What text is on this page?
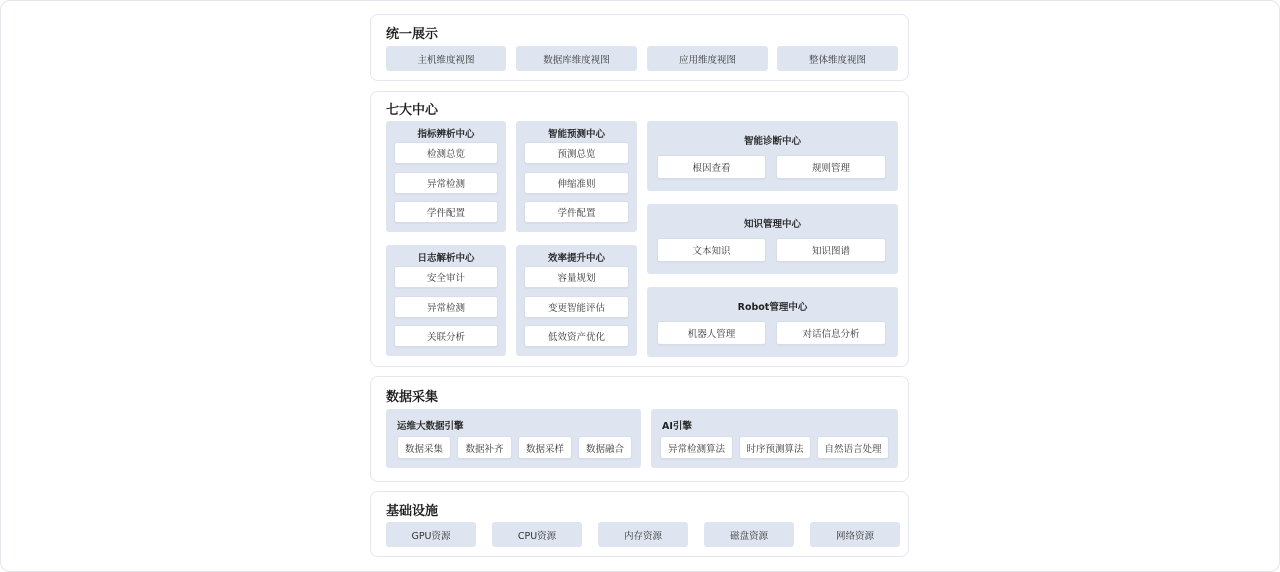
统一展示
主机维度视图	数据库维度视图	应用维度视图	整体维度视图
七大中心
指标辨析中心
检测总览
异常检测
学件配置
智能预测中心
预测总览
伸缩准则
学件配置
日志解析中心
安全审计
异常检测
关联分析
效率提升中心
容量规划
变更智能评估
低效资产优化
智能诊断中心
根因查看	规则管理
知识管理中心
文本知识	知识图谱
Robot管理中心
机器人管理	对话信息分析
数据采集
运维大数据引擎
数据采集	数据补齐	数据采样	数据融合
AI引擎
异常检测算法	时序预测算法	自然语言处理
基础设施
GPU资源	CPU资源	内存资源	磁盘资源	网络资源
